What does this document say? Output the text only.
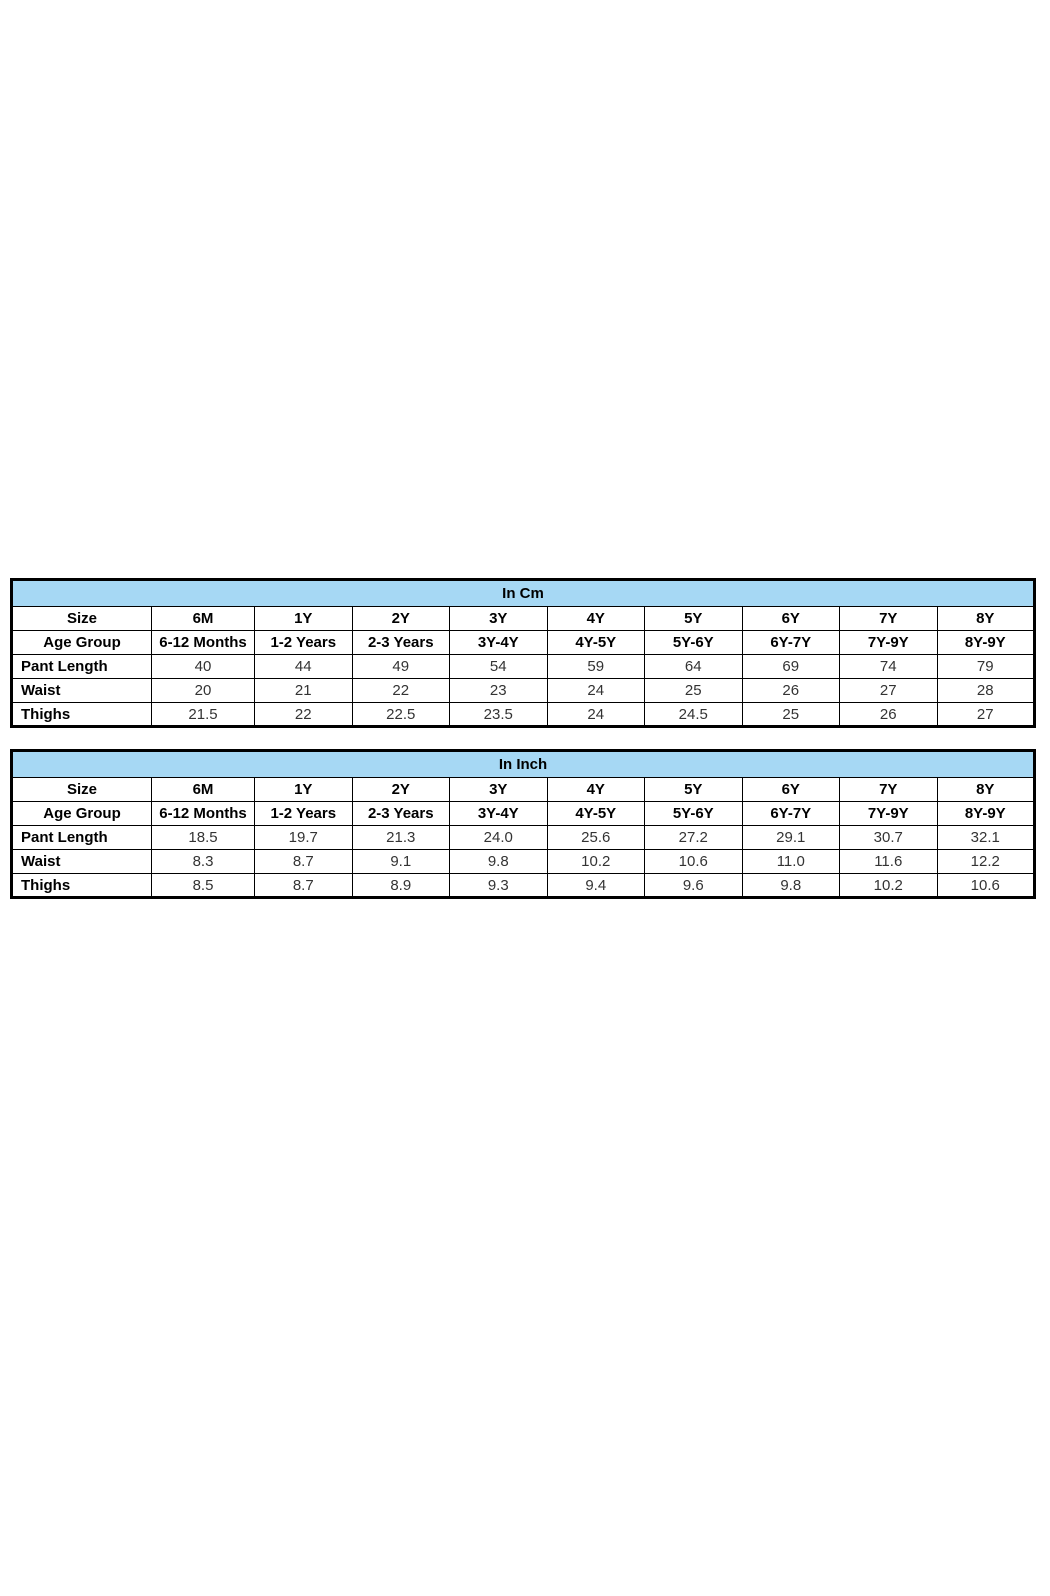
In Cm									
Size	6M	1Y	2Y	3Y	4Y	5Y	6Y	7Y	8Y
Age Group	6-12 Months	1-2 Years	2-3 Years	3Y-4Y	4Y-5Y	5Y-6Y	6Y-7Y	7Y-9Y	8Y-9Y
Pant Length	40	44	49	54	59	64	69	74	79
Waist	20	21	22	23	24	25	26	27	28
Thighs	21.5	22	22.5	23.5	24	24.5	25	26	27
In Inch									
Size	6M	1Y	2Y	3Y	4Y	5Y	6Y	7Y	8Y
Age Group	6-12 Months	1-2 Years	2-3 Years	3Y-4Y	4Y-5Y	5Y-6Y	6Y-7Y	7Y-9Y	8Y-9Y
Pant Length	18.5	19.7	21.3	24.0	25.6	27.2	29.1	30.7	32.1
Waist	8.3	8.7	9.1	9.8	10.2	10.6	11.0	11.6	12.2
Thighs	8.5	8.7	8.9	9.3	9.4	9.6	9.8	10.2	10.6
